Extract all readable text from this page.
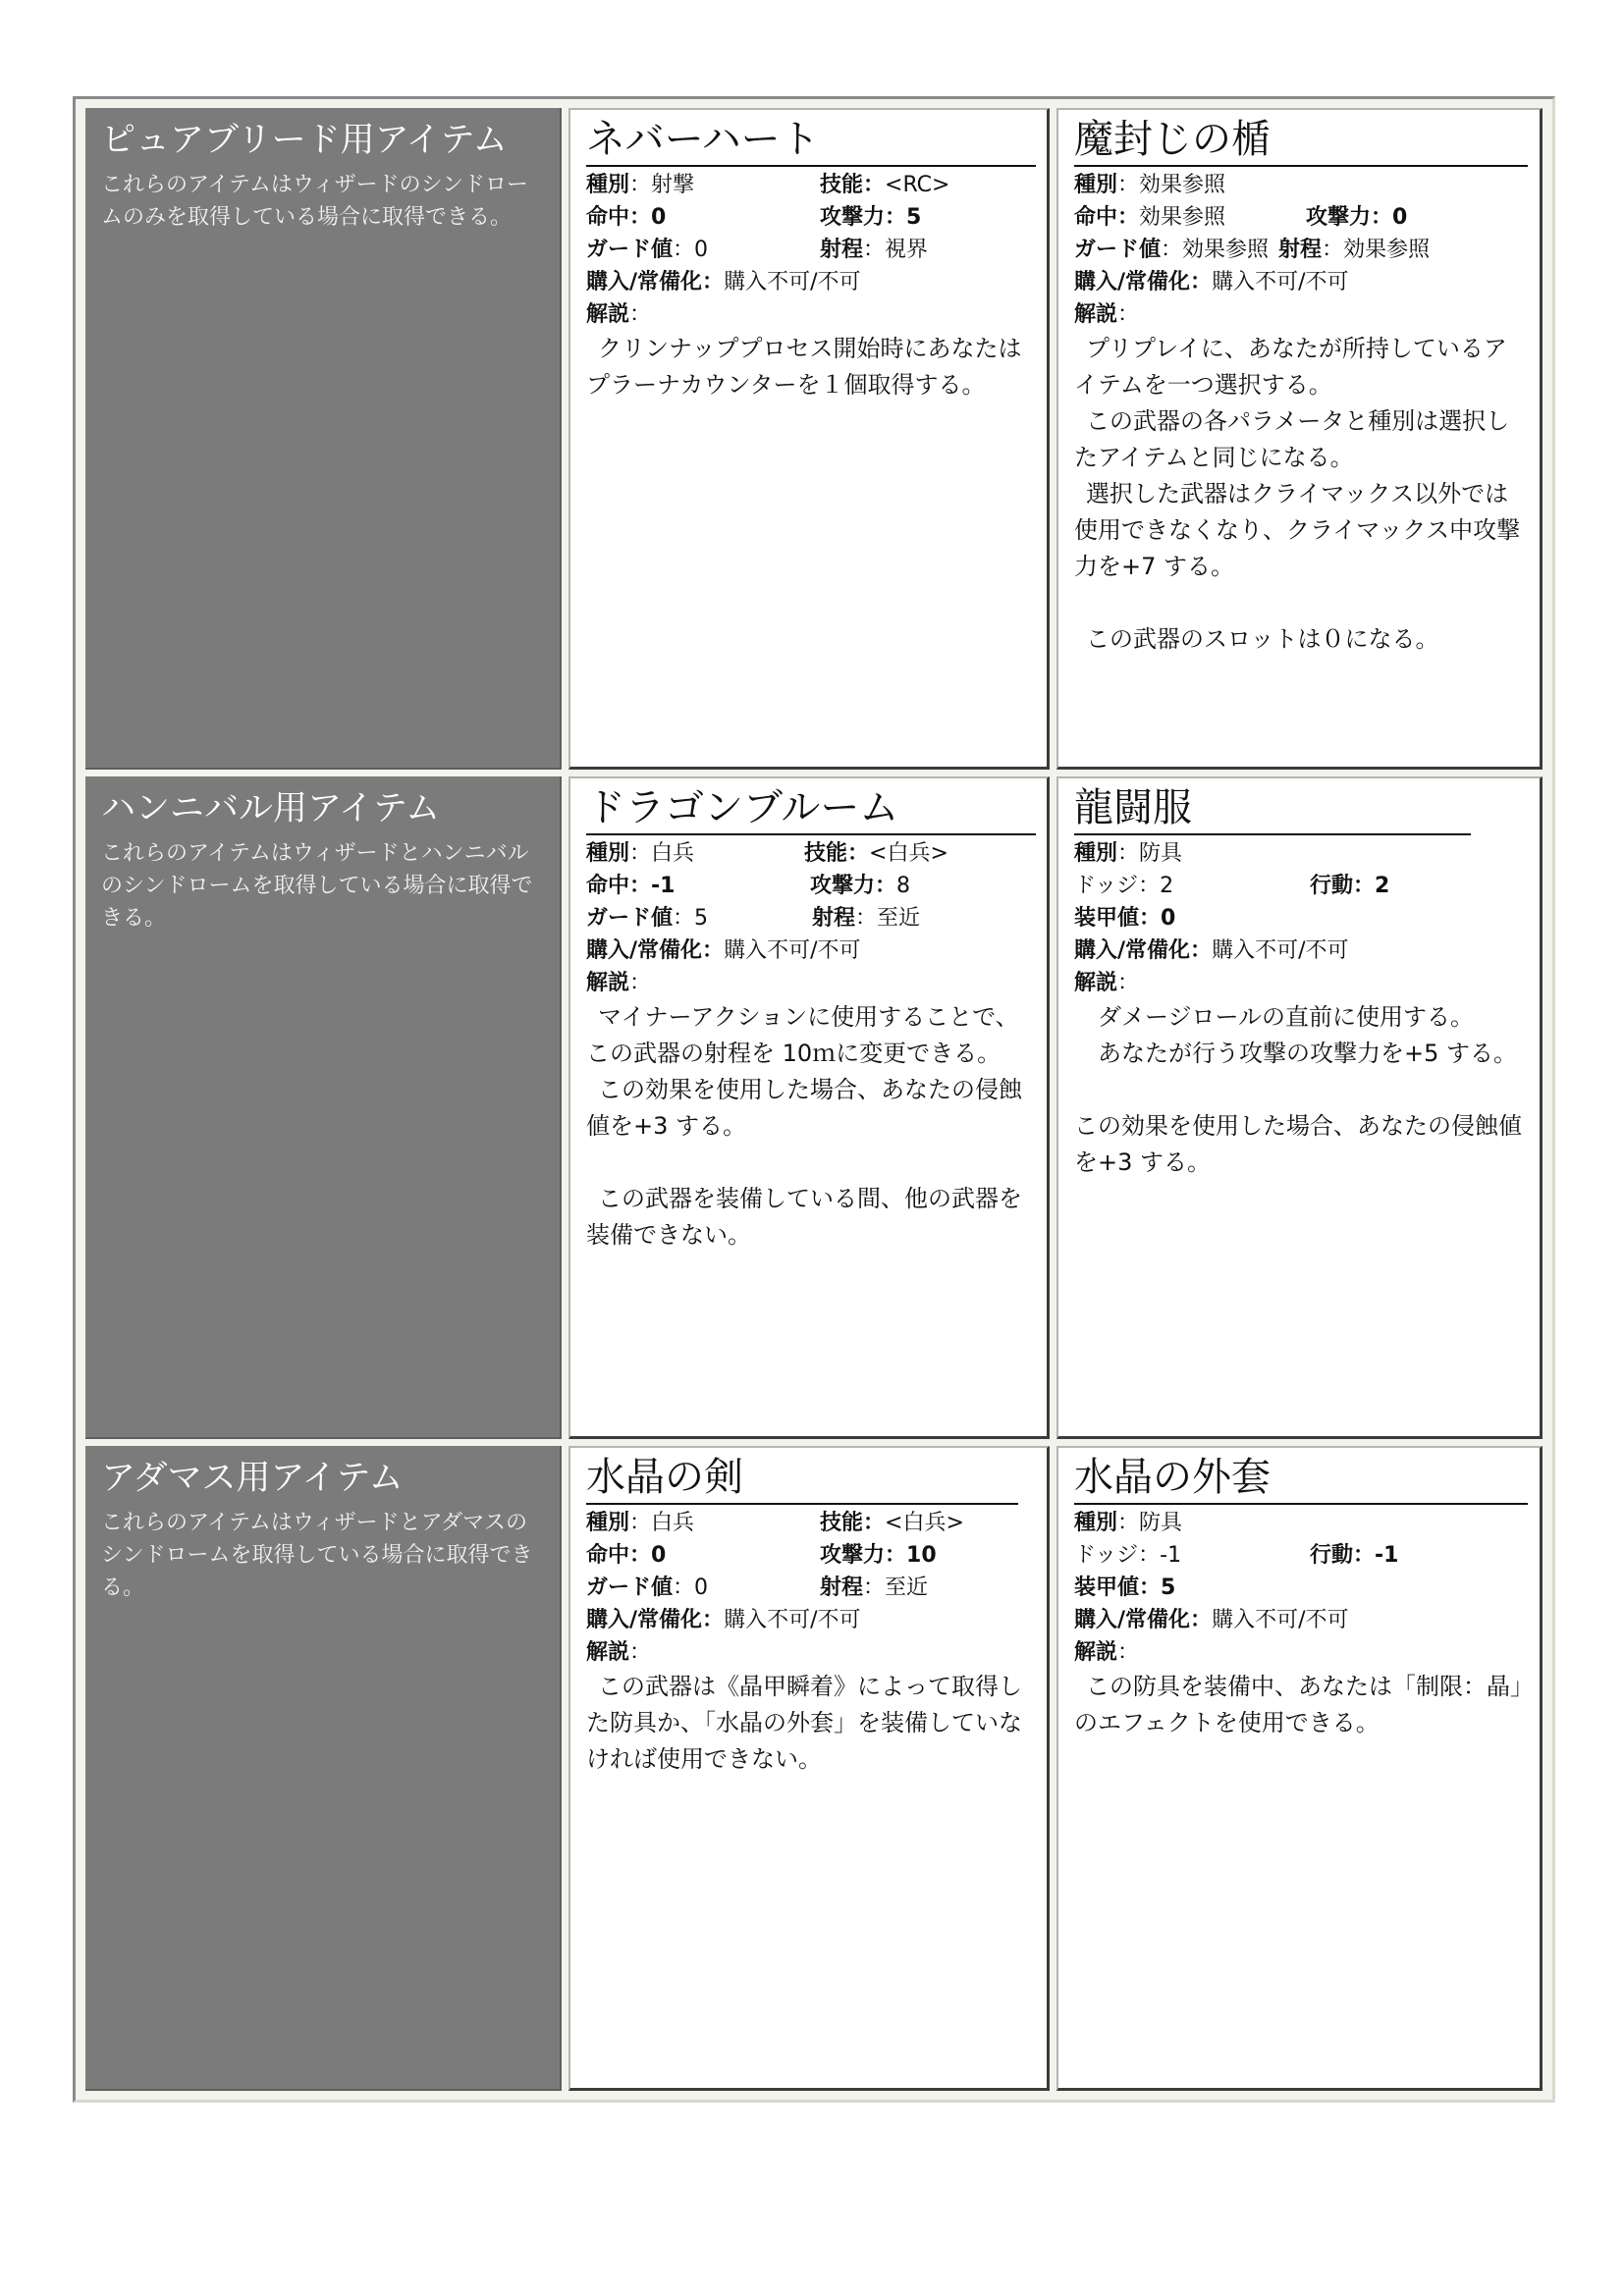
ピュアブリード用アイテム
これらのアイテムはウィザードのシンドロームのみを取得している場合に取得できる。
ネバーハート
種別：射撃	技能：<RC>
命中：0	攻撃力：5
ガード値：0	射程：視界
購入/常備化：購入不可/不可
解説：

クリンナッププロセス開始時にあなたはプラーナカウンターを１個取得する。

魔封じの楯
種別：効果参照
命中：効果参照	攻撃力：0
ガード値：効果参照 射程：効果参照
購入/常備化：購入不可/不可
解説：

プリプレイに、あなたが所持しているアイテムを一つ選択する。

この武器の各パラメータと種別は選択したアイテムと同じになる。

選択した武器はクライマックス以外では使用できなくなり、クライマックス中攻撃力を+7 する。

この武器のスロットは０になる。

ハンニバル用アイテム
これらのアイテムはウィザードとハンニバルのシンドロームを取得している場合に取得できる。
ドラゴンブルーム
種別：白兵	技能：<白兵>
命中：-1	攻撃力：8
ガード値：5	射程：至近
購入/常備化：購入不可/不可
解説：

マイナーアクションに使用することで、この武器の射程を 10ｍに変更できる。

この効果を使用した場合、あなたの侵蝕値を+3 する。

この武器を装備している間、他の武器を装備できない。

龍闘服
種別：防具
ドッジ：2	行動：2
装甲値：0
購入/常備化：購入不可/不可
解説：

ダメージロールの直前に使用する。

あなたが行う攻撃の攻撃力を+5 する。

この効果を使用した場合、あなたの侵蝕値を+3 する。

アダマス用アイテム
これらのアイテムはウィザードとアダマスのシンドロームを取得している場合に取得できる。
水晶の剣
種別：白兵	技能：<白兵>
命中：0	攻撃力：10
ガード値：0	射程：至近
購入/常備化：購入不可/不可
解説：

この武器は《晶甲瞬着》によって取得した防具か、「水晶の外套」を装備していなければ使用できない。

水晶の外套
種別：防具
ドッジ：-1	行動：-1
装甲値：5
購入/常備化：購入不可/不可
解説：

この防具を装備中、あなたは「制限：晶」のエフェクトを使用できる。
